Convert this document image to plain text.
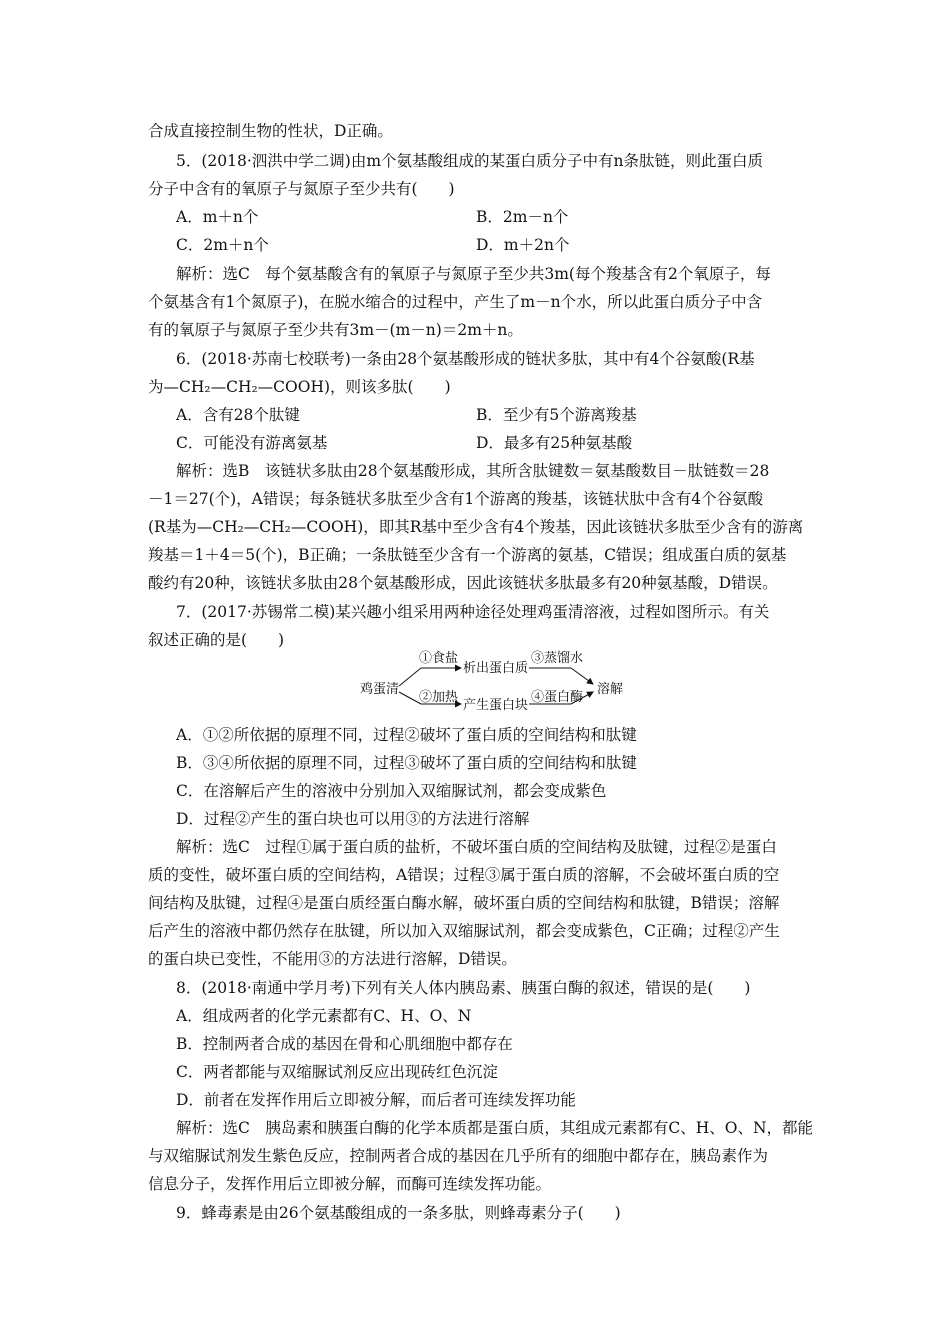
合成直接控制生物的性状，D正确。
5．(2018·泗洪中学二调)由m个氨基酸组成的某蛋白质分子中有n条肽链，则此蛋白质
分子中含有的氧原子与氮原子至少共有(　　)
A．m＋n个	B．2m－n个
C．2m＋n个	D．m＋2n个
解析：选C　每个氨基酸含有的氧原子与氮原子至少共3m(每个羧基含有2个氧原子，每
个氨基含有1个氮原子)，在脱水缩合的过程中，产生了m－n个水，所以此蛋白质分子中含
有的氧原子与氮原子至少共有3m－(m－n)＝2m＋n。
6．(2018·苏南七校联考)一条由28个氨基酸形成的链状多肽，其中有4个谷氨酸(R基
为—CH₂—CH₂—COOH)，则该多肽(　　)
A．含有28个肽键	B．至少有5个游离羧基
C．可能没有游离氨基	D．最多有25种氨基酸
解析：选B　该链状多肽由28个氨基酸形成，其所含肽键数＝氨基酸数目－肽链数＝28
－1＝27(个)，A错误；每条链状多肽至少含有1个游离的羧基，该链状肽中含有4个谷氨酸
(R基为—CH₂—CH₂—COOH)，即其R基中至少含有4个羧基，因此该链状多肽至少含有的游离
羧基＝1＋4＝5(个)，B正确；一条肽链至少含有一个游离的氨基，C错误；组成蛋白质的氨基
酸约有20种，该链状多肽由28个氨基酸形成，因此该链状多肽最多有20种氨基酸，D错误。
7．(2017·苏锡常二模)某兴趣小组采用两种途径处理鸡蛋清溶液，过程如图所示。有关
叙述正确的是(　　)
鸡蛋清
①食盐
析出蛋白质
③蒸馏水
②加热
产生蛋白块
④蛋白酶
溶解
A．①②所依据的原理不同，过程②破坏了蛋白质的空间结构和肽键
B．③④所依据的原理不同，过程③破坏了蛋白质的空间结构和肽键
C．在溶解后产生的溶液中分别加入双缩脲试剂，都会变成紫色
D．过程②产生的蛋白块也可以用③的方法进行溶解
解析：选C　过程①属于蛋白质的盐析，不破坏蛋白质的空间结构及肽键，过程②是蛋白
质的变性，破坏蛋白质的空间结构，A错误；过程③属于蛋白质的溶解，不会破坏蛋白质的空
间结构及肽键，过程④是蛋白质经蛋白酶水解，破坏蛋白质的空间结构和肽键，B错误；溶解
后产生的溶液中都仍然存在肽键，所以加入双缩脲试剂，都会变成紫色，C正确；过程②产生
的蛋白块已变性，不能用③的方法进行溶解，D错误。
8．(2018·南通中学月考)下列有关人体内胰岛素、胰蛋白酶的叙述，错误的是(　　)
A．组成两者的化学元素都有C、H、O、N
B．控制两者合成的基因在骨和心肌细胞中都存在
C．两者都能与双缩脲试剂反应出现砖红色沉淀
D．前者在发挥作用后立即被分解，而后者可连续发挥功能
解析：选C　胰岛素和胰蛋白酶的化学本质都是蛋白质，其组成元素都有C、H、O、N，都能
与双缩脲试剂发生紫色反应，控制两者合成的基因在几乎所有的细胞中都存在，胰岛素作为
信息分子，发挥作用后立即被分解，而酶可连续发挥功能。
9．蜂毒素是由26个氨基酸组成的一条多肽，则蜂毒素分子(　　)
